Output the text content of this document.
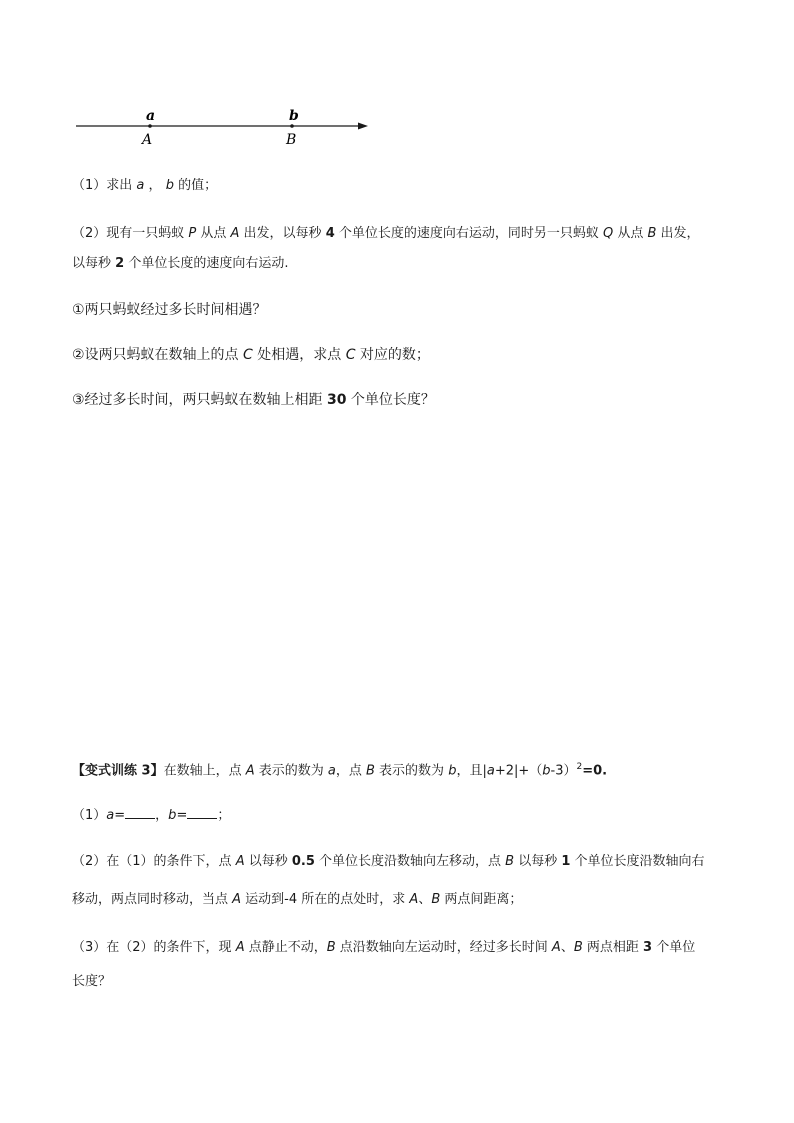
a
A
b
B
（1）求出 a ， b 的值；
（2）现有一只蚂蚁 P 从点 A 出发，以每秒 4 个单位长度的速度向右运动，同时另一只蚂蚁 Q 从点 B 出发，
以每秒 2 个单位长度的速度向右运动.
①两只蚂蚁经过多长时间相遇？
②设两只蚂蚁在数轴上的点 C 处相遇，求点 C 对应的数；
③经过多长时间，两只蚂蚁在数轴上相距 30 个单位长度？
【变式训练 3】在数轴上，点 A 表示的数为 a，点 B 表示的数为 b，且$|a+2|+(b-3)^2=0$.
（1）a= ，b= ；
（2）在（1）的条件下，点 A 以每秒 0.5 个单位长度沿数轴向左移动，点 B 以每秒 1 个单位长度沿数轴向右
移动，两点同时移动，当点 A 运动到-4 所在的点处时，求 A、B 两点间距离；
（3）在（2）的条件下，现 A 点静止不动，B 点沿数轴向左运动时，经过多长时间 A、B 两点相距 3 个单位
长度？
